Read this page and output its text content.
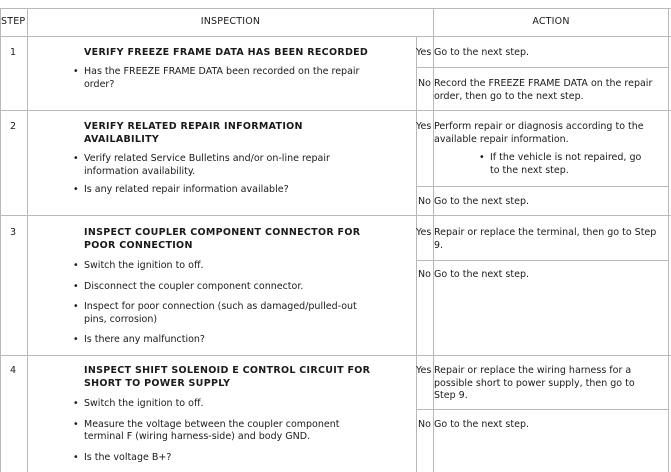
STEP	INSPECTION	ACTION
1	VERIFY FREEZE FRAME DATA HAS BEEN RECORDED
• Has the FREEZE FRAME DATA been recorded on the repair order?
Yes Go to the next step.
No Record the FREEZE FRAME DATA on the repair order, then go to the next step.
2	VERIFY RELATED REPAIR INFORMATION AVAILABILITY
• Verify related Service Bulletins and/or on-line repair information availability.
• Is any related repair information available?
Yes Perform repair or diagnosis according to the available repair information.
• If the vehicle is not repaired, go to the next step.
No Go to the next step.
3	INSPECT COUPLER COMPONENT CONNECTOR FOR POOR CONNECTION
• Switch the ignition to off.
• Disconnect the coupler component connector.
• Inspect for poor connection (such as damaged/pulled-out pins, corrosion)
• Is there any malfunction?
Yes Repair or replace the terminal, then go to Step 9.
No Go to the next step.
4	INSPECT SHIFT SOLENOID E CONTROL CIRCUIT FOR SHORT TO POWER SUPPLY
• Switch the ignition to off.
• Measure the voltage between the coupler component terminal F (wiring harness-side) and body GND.
• Is the voltage B+?
Yes Repair or replace the wiring harness for a possible short to power supply, then go to Step 9.
No Go to the next step.
